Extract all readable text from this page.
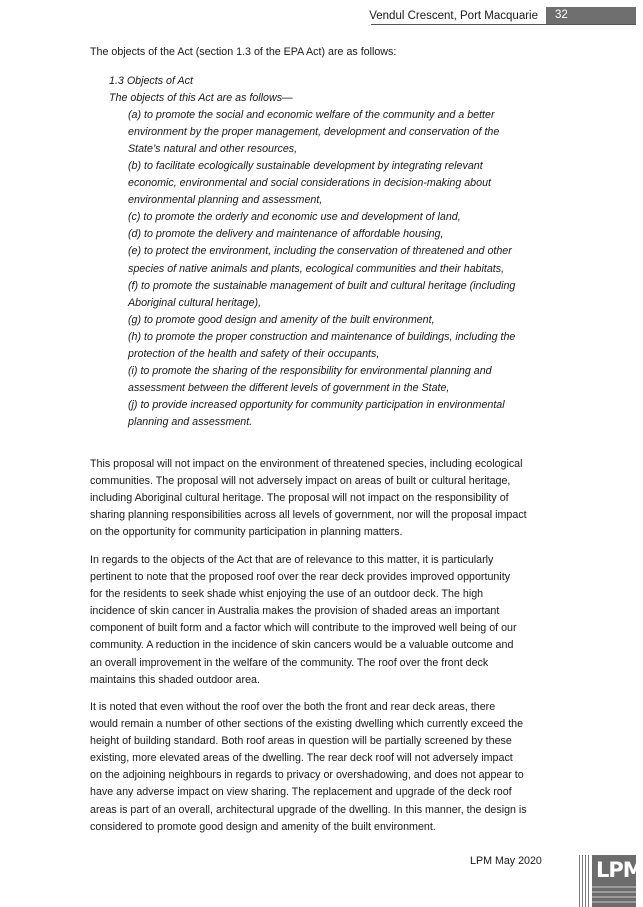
Vendul Crescent, Port Macquarie	32

The objects of the Act (section 1.3 of the EPA Act) are as follows:

1.3 Objects of Act

The objects of this Act are as follows—

(a) to promote the social and economic welfare of the community and a better
environment by the proper management, development and conservation of the
State’s natural and other resources,
(b) to facilitate ecologically sustainable development by integrating relevant
economic, environmental and social considerations in decision-making about
environmental planning and assessment,
(c) to promote the orderly and economic use and development of land,
(d) to promote the delivery and maintenance of affordable housing,
(e) to protect the environment, including the conservation of threatened and other
species of native animals and plants, ecological communities and their habitats,
(f) to promote the sustainable management of built and cultural heritage (including
Aboriginal cultural heritage),
(g) to promote good design and amenity of the built environment,
(h) to promote the proper construction and maintenance of buildings, including the
protection of the health and safety of their occupants,
(i) to promote the sharing of the responsibility for environmental planning and
assessment between the different levels of government in the State,
(j) to provide increased opportunity for community participation in environmental
planning and assessment.

This proposal will not impact on the environment of threatened species, including ecological
communities. The proposal will not adversely impact on areas of built or cultural heritage,
including Aboriginal cultural heritage. The proposal will not impact on the responsibility of
sharing planning responsibilities across all levels of government, nor will the proposal impact
on the opportunity for community participation in planning matters.

In regards to the objects of the Act that are of relevance to this matter, it is particularly
pertinent to note that the proposed roof over the rear deck provides improved opportunity
for the residents to seek shade whist enjoying the use of an outdoor deck. The high
incidence of skin cancer in Australia makes the provision of shaded areas an important
component of built form and a factor which will contribute to the improved well being of our
community. A reduction in the incidence of skin cancers would be a valuable outcome and
an overall improvement in the welfare of the community. The roof over the front deck
maintains this shaded outdoor area.

It is noted that even without the roof over the both the front and rear deck areas, there
would remain a number of other sections of the existing dwelling which currently exceed the
height of building standard. Both roof areas in question will be partially screened by these
existing, more elevated areas of the dwelling. The rear deck roof will not adversely impact
on the adjoining neighbours in regards to privacy or overshadowing, and does not appear to
have any adverse impact on view sharing. The replacement and upgrade of the deck roof
areas is part of an overall, architectural upgrade of the dwelling. In this manner, the design is
considered to promote good design and amenity of the built environment.

LPM May 2020	LPM
